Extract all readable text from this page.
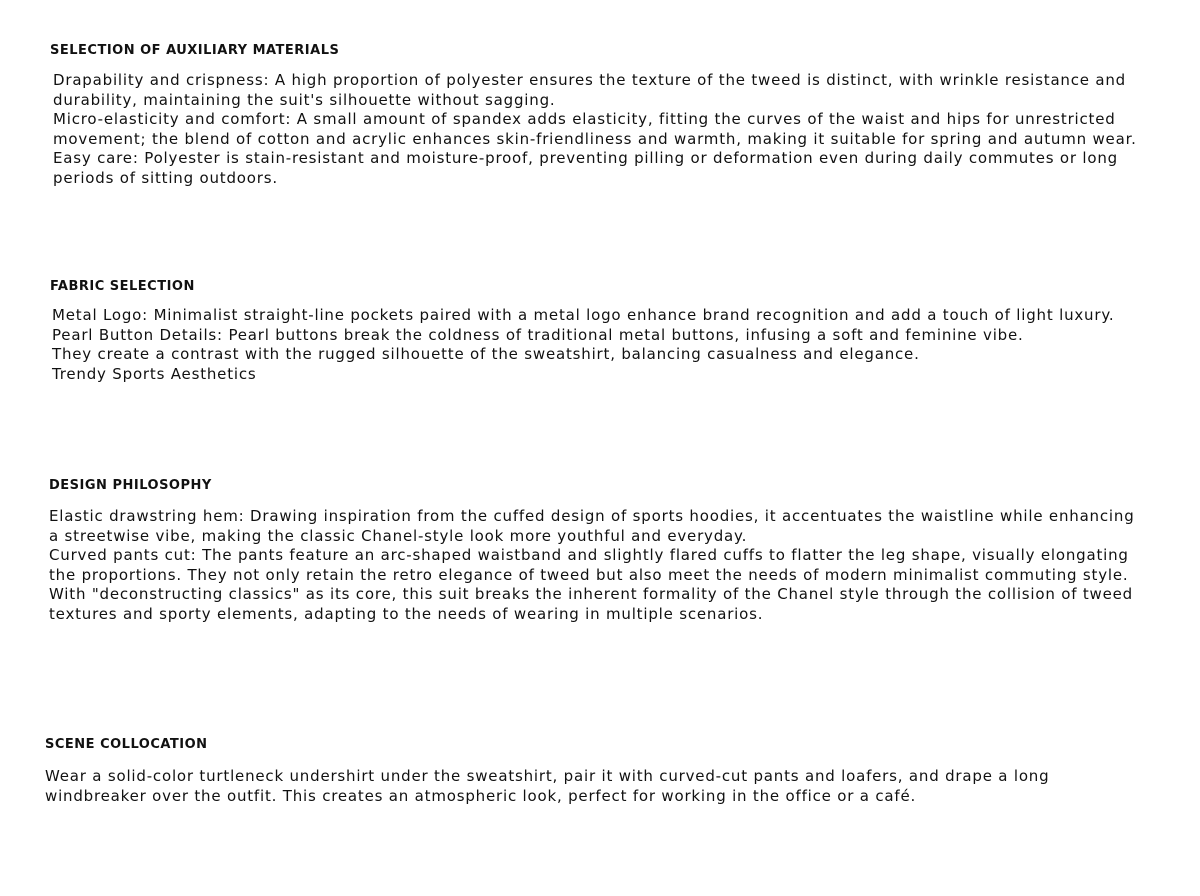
SELECTION OF AUXILIARY MATERIALS
Drapability and crispness: A high proportion of polyester ensures the texture of the tweed is distinct, with wrinkle resistance and
durability, maintaining the suit's silhouette without sagging.
Micro-elasticity and comfort: A small amount of spandex adds elasticity, fitting the curves of the waist and hips for unrestricted
movement; the blend of cotton and acrylic enhances skin-friendliness and warmth, making it suitable for spring and autumn wear.
Easy care: Polyester is stain-resistant and moisture-proof, preventing pilling or deformation even during daily commutes or long
periods of sitting outdoors.
FABRIC SELECTION
Metal Logo: Minimalist straight-line pockets paired with a metal logo enhance brand recognition and add a touch of light luxury.
Pearl Button Details: Pearl buttons break the coldness of traditional metal buttons, infusing a soft and feminine vibe.
They create a contrast with the rugged silhouette of the sweatshirt, balancing casualness and elegance.
Trendy Sports Aesthetics
DESIGN PHILOSOPHY
Elastic drawstring hem: Drawing inspiration from the cuffed design of sports hoodies, it accentuates the waistline while enhancing
a streetwise vibe, making the classic Chanel-style look more youthful and everyday.
Curved pants cut: The pants feature an arc-shaped waistband and slightly flared cuffs to flatter the leg shape, visually elongating
the proportions. They not only retain the retro elegance of tweed but also meet the needs of modern minimalist commuting style.
With "deconstructing classics" as its core, this suit breaks the inherent formality of the Chanel style through the collision of tweed
textures and sporty elements, adapting to the needs of wearing in multiple scenarios.
SCENE COLLOCATION
Wear a solid-color turtleneck undershirt under the sweatshirt, pair it with curved-cut pants and loafers, and drape a long
windbreaker over the outfit. This creates an atmospheric look, perfect for working in the office or a café.
